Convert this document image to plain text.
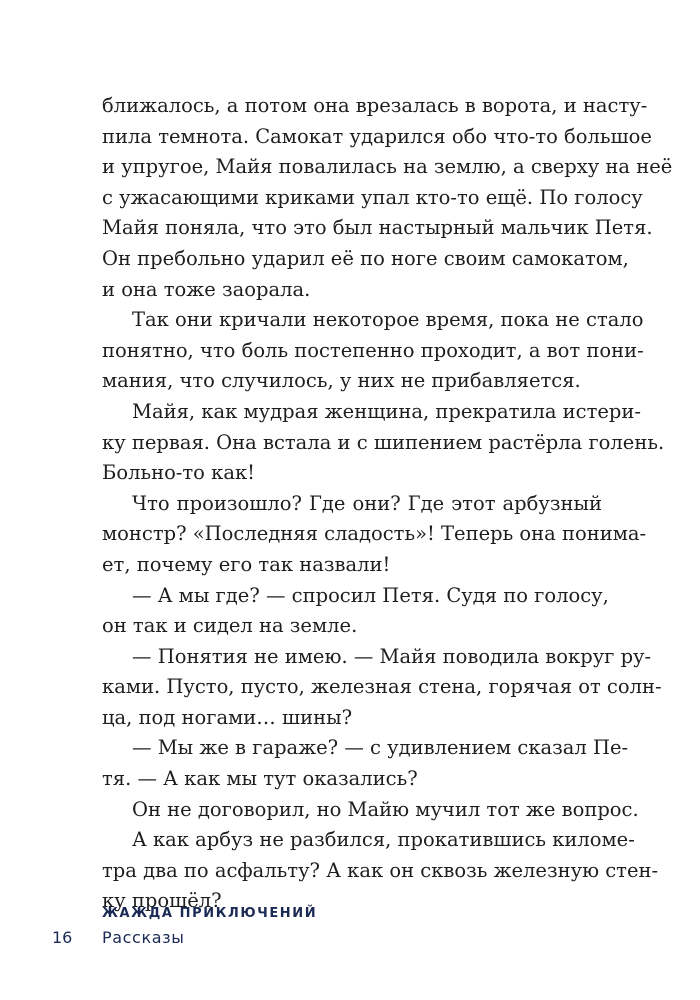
ближалось, а потом она врезалась в ворота, и насту-
пила темнота. Самокат ударился обо что-то большое
и упругое, Майя повалилась на землю, а сверху на неё
с ужасающими криками упал кто-то ещё. По голосу
Майя поняла, что это был настырный мальчик Петя.
Он пребольно ударил её по ноге своим самокатом,
и она тоже заорала.
Так они кричали некоторое время, пока не стало
понятно, что боль постепенно проходит, а вот пони-
мания, что случилось, у них не прибавляется.
Майя, как мудрая женщина, прекратила истери-
ку первая. Она встала и с шипением растёрла голень.
Больно-то как!
Что произошло? Где они? Где этот арбузный
монстр? «Последняя сладость»! Теперь она понима-
ет, почему его так назвали!
— А мы где? — спросил Петя. Судя по голосу,
он так и сидел на земле.
— Понятия не имею. — Майя поводила вокруг ру-
ками. Пусто, пусто, железная стена, горячая от солн-
ца, под ногами… шины?
— Мы же в гараже? — с удивлением сказал Пе-
тя. — А как мы тут оказались?
Он не договорил, но Майю мучил тот же вопрос.
А как арбуз не разбился, прокатившись киломе-
тра два по асфальту? А как он сквозь железную стен-
ку прошёл?
ЖАЖДА ПРИКЛЮЧЕНИЙ
16 Рассказы
